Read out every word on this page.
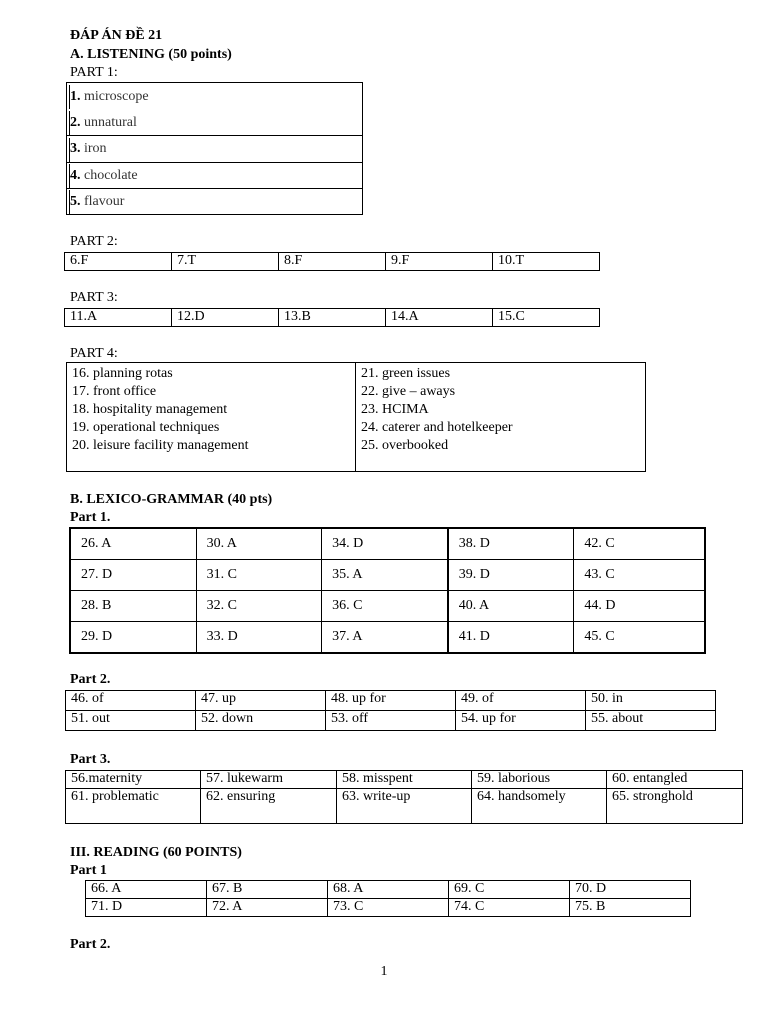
ĐÁP ÁN ĐỀ 21
A. LISTENING (50 points)
PART 1:
1. microscope
2. unnatural
3. iron
4. chocolate
5. flavour
PART 2:
6.F	7.T	8.F	9.F	10.T
PART 3:
11.A	12.D	13.B	14.A	15.C
PART 4:
16. planning rotas
17. front office
18. hospitality management
19. operational techniques
20. leisure facility management
21. green issues
22. give – aways
23. HCIMA
24. caterer and hotelkeeper
25. overbooked
B. LEXICO-GRAMMAR (40 pts)
Part 1.
26. A	30. A	34. D	38. D	42. C
27. D	31. C	35. A	39. D	43. C
28. B	32. C	36. C	40. A	44. D
29. D	33. D	37. A	41. D	45. C
Part 2.
46. of	47. up	48. up for	49. of	50. in
51. out	52. down	53. off	54. up for	55. about
Part 3.
56.maternity	57. lukewarm	58. misspent	59. laborious	60. entangled
61. problematic	62. ensuring	63. write-up	64. handsomely	65. stronghold
III. READING (60 POINTS)
Part 1
66. A	67. B	68. A	69. C	70. D
71. D	72. A	73. C	74. C	75. B
Part 2.
1
